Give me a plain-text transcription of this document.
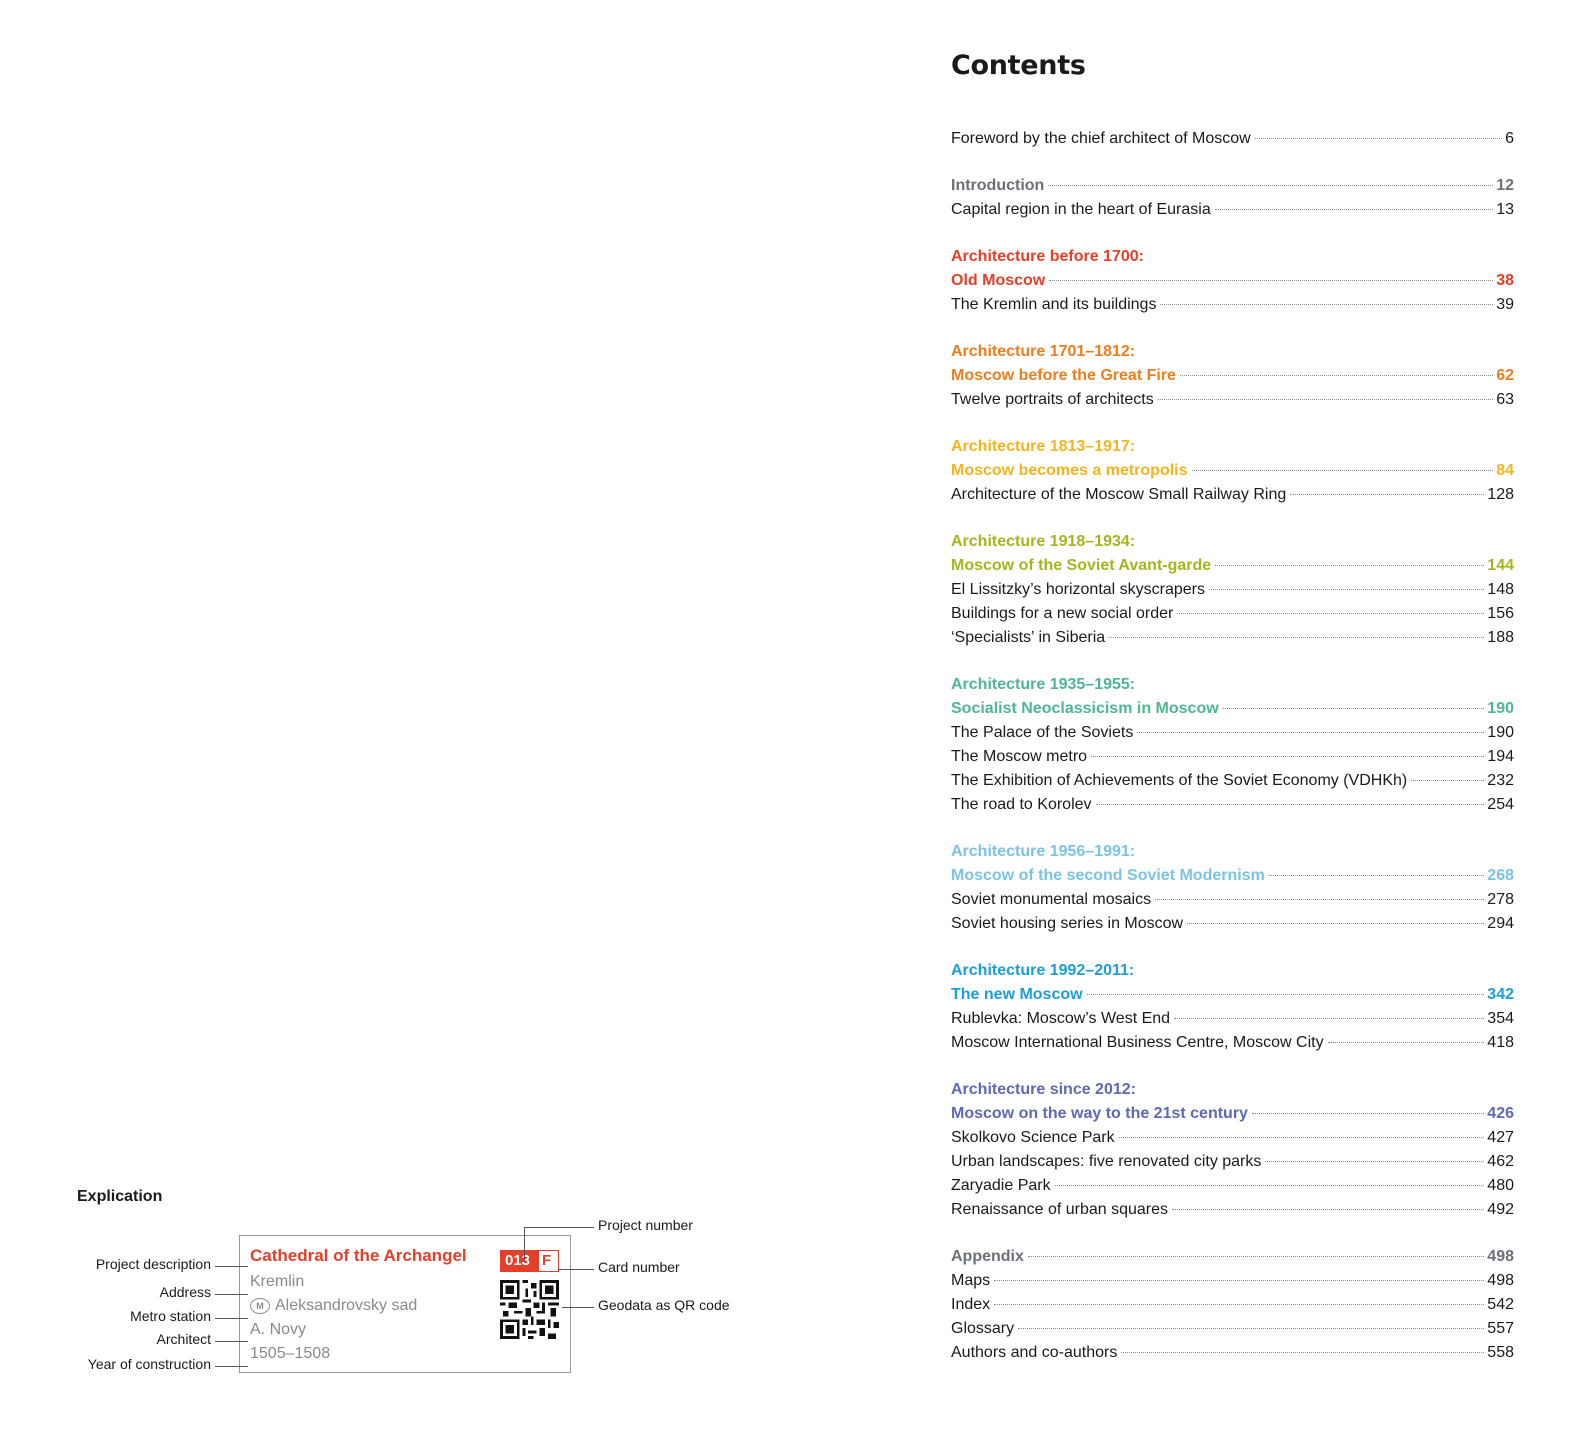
Contents
Foreword by the chief architect of Moscow	6
Introduction	12
Capital region in the heart of Eurasia	13
Architecture before 1700:
Old Moscow	38
The Kremlin and its buildings	39
Architecture 1701–1812:
Moscow before the Great Fire	62
Twelve portraits of architects	63
Architecture 1813–1917:
Moscow becomes a metropolis	84
Architecture of the Moscow Small Railway Ring	128
Architecture 1918–1934:
Moscow of the Soviet Avant-garde	144
El Lissitzky’s horizontal skyscrapers	148
Buildings for a new social order	156
‘Specialists’ in Siberia	188
Architecture 1935–1955:
Socialist Neoclassicism in Moscow	190
The Palace of the Soviets	190
The Moscow metro	194
The Exhibition of Achievements of the Soviet Economy (VDHKh)	232
The road to Korolev	254
Architecture 1956–1991:
Moscow of the second Soviet Modernism	268
Soviet monumental mosaics	278
Soviet housing series in Moscow	294
Architecture 1992–2011:
The new Moscow	342
Rublevka: Moscow’s West End	354
Moscow International Business Centre, Moscow City	418
Architecture since 2012:
Moscow on the way to the 21st century	426
Skolkovo Science Park	427
Urban landscapes: five renovated city parks	462
Zaryadie Park	480
Renaissance of urban squares	492
Appendix	498
Maps	498
Index	542
Glossary	557
Authors and co-authors	558
Explication
Cathedral of the Archangel
Kremlin
M Aleksandrovsky sad
A. Novy
1505–1508
013 F
Project description
Address
Metro station
Architect
Year of construction
Project number
Card number
Geodata as QR code
